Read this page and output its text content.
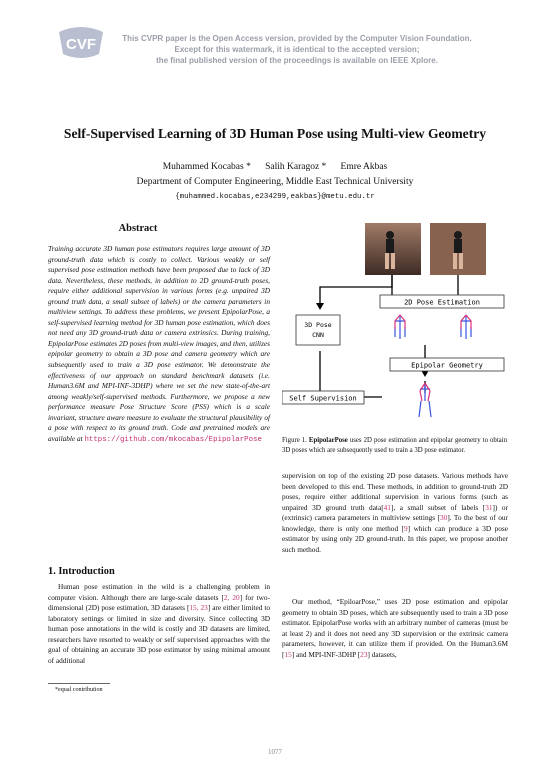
CVF	This CVPR paper is the Open Access version, provided by the Computer Vision Foundation.
Except for this watermark, it is identical to the accepted version;
the final published version of the proceedings is available on IEEE Xplore.
Self-Supervised Learning of 3D Human Pose using Multi-view Geometry
Muhammed Kocabas *      Salih Karagoz *      Emre Akbas
Department of Computer Engineering, Middle East Technical University
{muhammed.kocabas,e234299,eakbas}@metu.edu.tr
Abstract

Training accurate 3D human pose estimators requires large amount of 3D ground-truth data which is costly to collect. Various weakly or self supervised pose estimation methods have been proposed due to lack of 3D data. Nevertheless, these methods, in addition to 2D ground-truth poses, require either additional supervision in various forms (e.g. unpaired 3D ground truth data, a small subset of labels) or the camera parameters in multiview settings. To address these problems, we present EpipolarPose, a self-supervised learning method for 3D human pose estimation, which does not need any 3D ground-truth data or camera extrinsics. During training, EpipolarPose estimates 2D poses from multi-view images, and then, utilizes epipolar geometry to obtain a 3D pose and camera geometry which are subsequently used to train a 3D pose estimator. We demonstrate the effectiveness of our approach on standard benchmark datasets (i.e. Human3.6M and MPI-INF-3DHP) where we set the new state-of-the-art among weakly/self-supervised methods. Furthermore, we propose a new performance measure Pose Structure Score (PSS) which is a scale invariant, structure aware measure to evaluate the structural plausibility of a pose with respect to its ground truth. Code and pretrained models are available at https://github.com/mkocabas/EpipolarPose

1. Introduction

Human pose estimation in the wild is a challenging problem in computer vision. Although there are large-scale datasets [2, 20] for two-dimensional (2D) pose estimation, 3D datasets [15, 23] are either limited to laboratory settings or limited in size and diversity. Since collecting 3D human pose annotations in the wild is costly and 3D datasets are limited, researchers have resorted to weakly or self supervised approaches with the goal of obtaining an accurate 3D pose estimator by using minimal amount of additional

*equal contribution
2D Pose Estimation
3D Pose
CNN
Epipolar Geometry
Self Supervision

Figure 1. EpipolarPose uses 2D pose estimation and epipolar geometry to obtain 3D poses which are subsequently used to train a 3D pose estimator.

supervision on top of the existing 2D pose datasets. Various methods have been developed to this end. These methods, in addition to ground-truth 2D poses, require either additional supervision in various forms (such as unpaired 3D ground truth data[41], a small subset of labels [31]) or (extrinsic) camera parameters in multiview settings [30]. To the best of our knowledge, there is only one method [9] which can produce a 3D pose estimator by using only 2D ground-truth. In this paper, we propose another such method.

Our method, “EpiloarPose,” uses 2D pose estimation and epipolar geometry to obtain 3D poses, which are subsequently used to train a 3D pose estimator. EpipolarPose works with an arbitrary number of cameras (must be at least 2) and it does not need any 3D supervision or the extrinsic camera parameters, however, it can utilize them if provided. On the Human3.6M [15] and MPI-INF-3DHP [23] datasets,

1077
